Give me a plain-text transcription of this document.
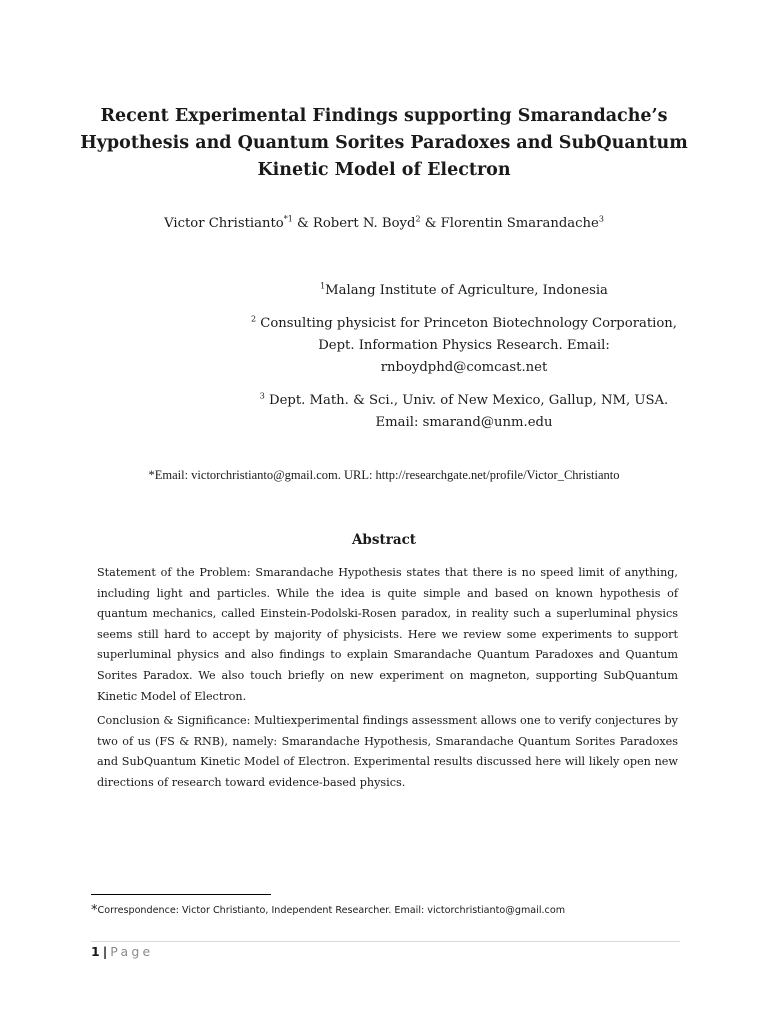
Recent Experimental Findings supporting Smarandache’s
Hypothesis and Quantum Sorites Paradoxes and SubQuantum
Kinetic Model of Electron
Victor Christianto$^{*1}$ & Robert N. Boyd$^2$ & Florentin Smarandache$^3$
$^1$Malang Institute of Agriculture, Indonesia
$^2$ Consulting physicist for Princeton Biotechnology Corporation,
Dept. Information Physics Research. Email:
rnboydphd@comcast.net
$^3$ Dept. Math. & Sci., Univ. of New Mexico, Gallup, NM, USA.
Email: smarand@unm.edu
*Email: victorchristianto@gmail.com. URL: http://researchgate.net/profile/Victor_Christianto
Abstract

Statement of the Problem: Smarandache Hypothesis states that there is no speed limit of anything, including light and particles. While the idea is quite simple and based on known hypothesis of quantum mechanics, called Einstein-Podolski-Rosen paradox, in reality such a superluminal physics seems still hard to accept by majority of physicists. Here we review some experiments to support superluminal physics and also findings to explain Smarandache Quantum Paradoxes and Quantum Sorites Paradox. We also touch briefly on new experiment on magneton, supporting SubQuantum Kinetic Model of Electron.

Conclusion & Significance: Multiexperimental findings assessment allows one to verify conjectures by two of us (FS & RNB), namely: Smarandache Hypothesis, Smarandache Quantum Sorites Paradoxes and SubQuantum Kinetic Model of Electron. Experimental results discussed here will likely open new directions of research toward evidence-based physics.

*Correspondence: Victor Christianto, Independent Researcher. Email: victorchristianto@gmail.com
1 | Page
